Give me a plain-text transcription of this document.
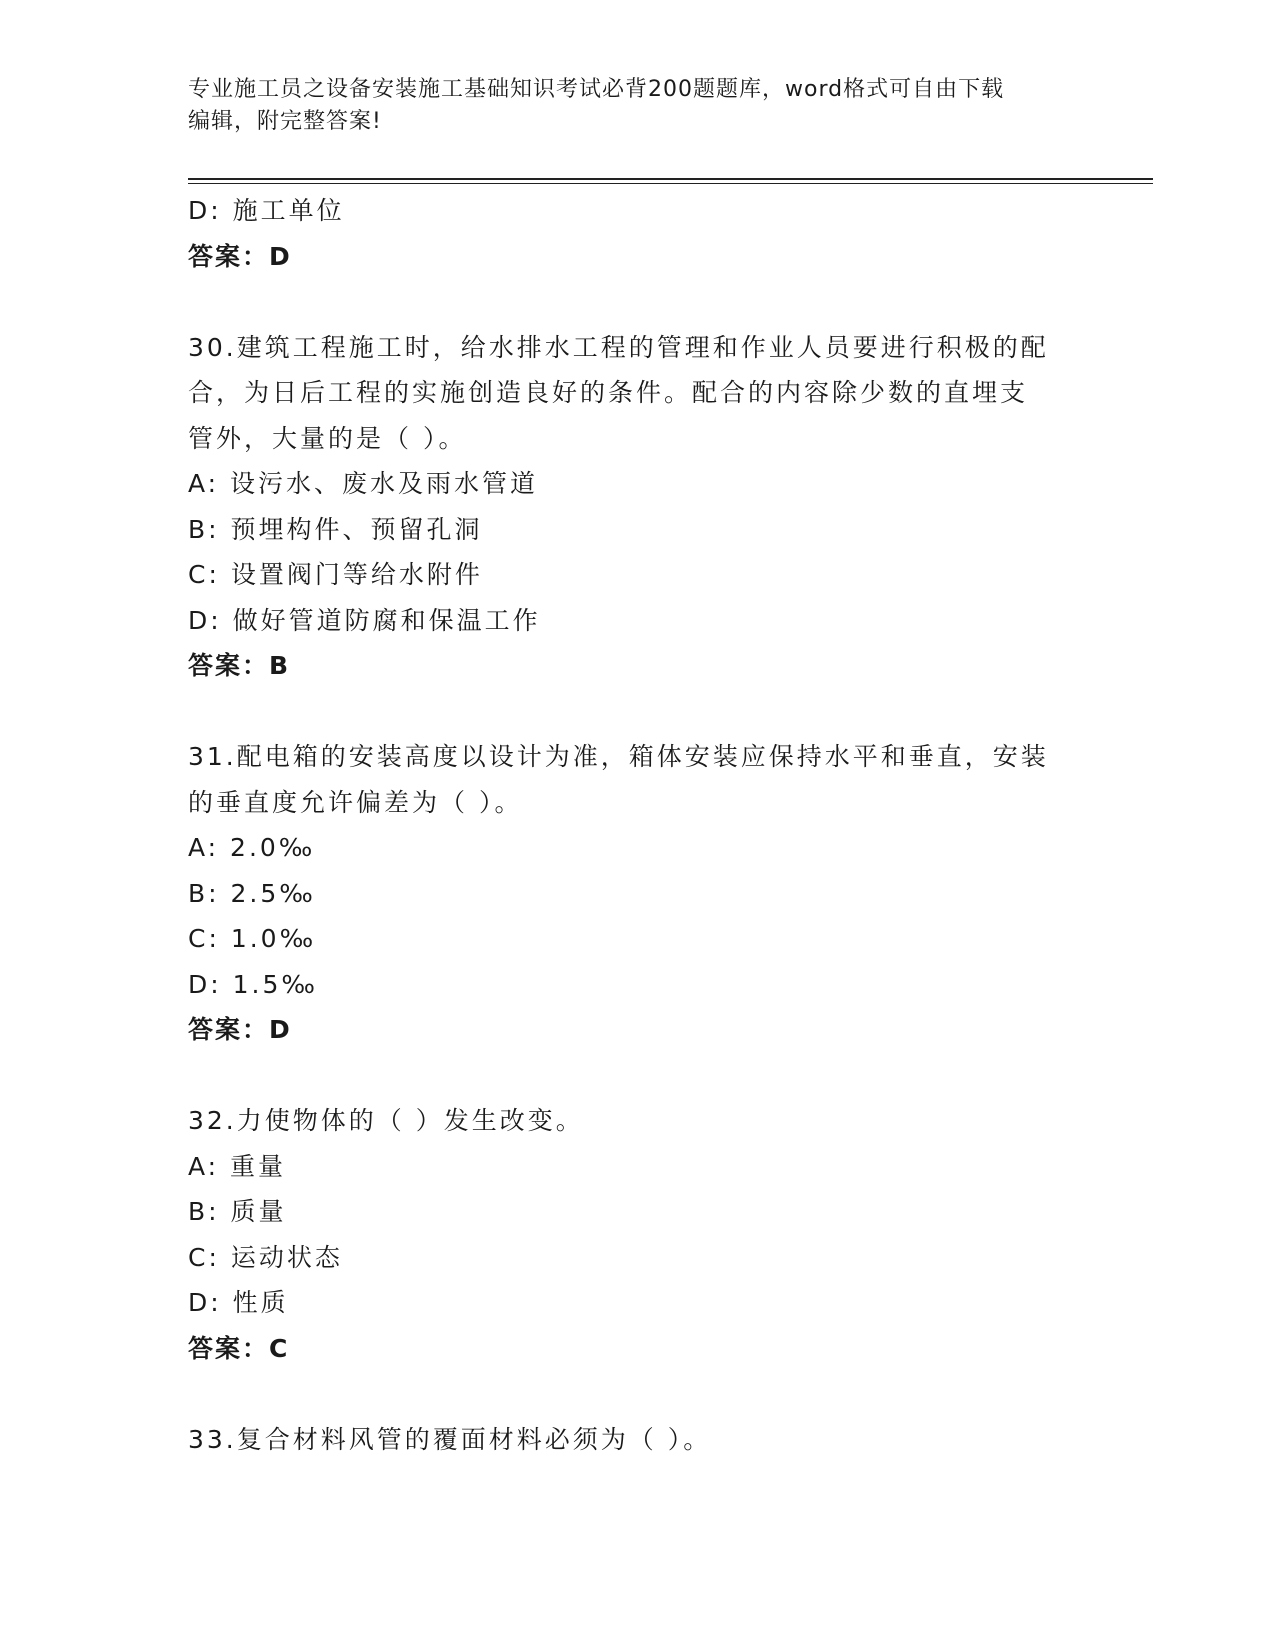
专业施工员之设备安装施工基础知识考试必背200题题库，word格式可自由下载
编辑，附完整答案!
D: 施工单位
答案：D
30.建筑工程施工时，给水排水工程的管理和作业人员要进行积极的配
合，为日后工程的实施创造良好的条件。配合的内容除少数的直埋支
管外，大量的是（ ）。
A: 设污水、废水及雨水管道
B: 预埋构件、预留孔洞
C: 设置阀门等给水附件
D: 做好管道防腐和保温工作
答案：B
31.配电箱的安装高度以设计为准，箱体安装应保持水平和垂直，安装
的垂直度允许偏差为（ ）。
A: 2.0‰
B: 2.5‰
C: 1.0‰
D: 1.5‰
答案：D
32.力使物体的（ ）发生改变。
A: 重量
B: 质量
C: 运动状态
D: 性质
答案：C
33.复合材料风管的覆面材料必须为（ ）。
